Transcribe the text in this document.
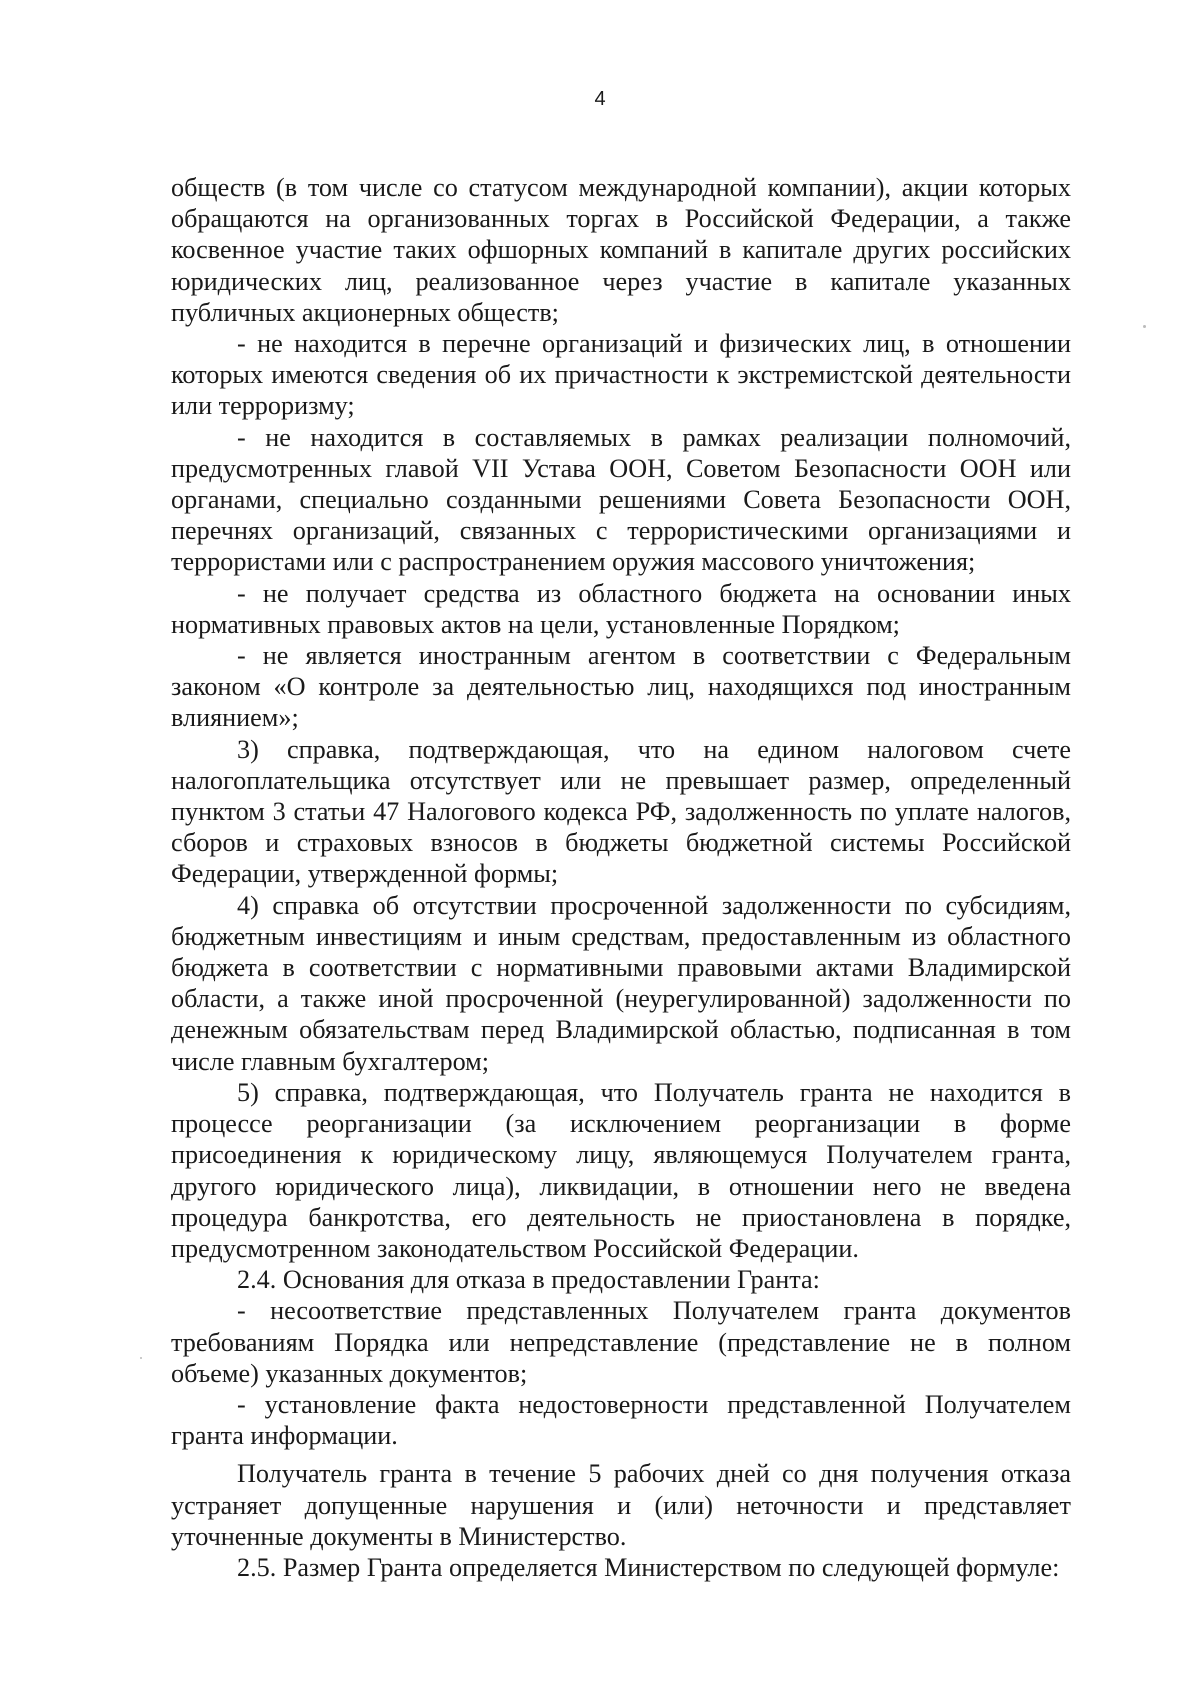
4

обществ (в том числе со статусом международной компании), акции которых обращаются на организованных торгах в Российской Федерации, а также косвенное участие таких офшорных компаний в капитале других российских юридических лиц, реализованное через участие в капитале указанных публичных акционерных обществ;

- не находится в перечне организаций и физических лиц, в отношении которых имеются сведения об их причастности к экстремистской деятельности или терроризму;

- не находится в составляемых в рамках реализации полномочий, предусмотренных главой VII Устава ООН, Советом Безопасности ООН или органами, специально созданными решениями Совета Безопасности ООН, перечнях организаций, связанных с террористическими организациями и террористами или с распространением оружия массового уничтожения;

- не получает средства из областного бюджета на основании иных нормативных правовых актов на цели, установленные Порядком;

- не является иностранным агентом в соответствии с Федеральным законом «О контроле за деятельностью лиц, находящихся под иностранным влиянием»;

3) справка, подтверждающая, что на едином налоговом счете налогоплательщика отсутствует или не превышает размер, определенный пунктом 3 статьи 47 Налогового кодекса РФ, задолженность по уплате налогов, сборов и страховых взносов в бюджеты бюджетной системы Российской Федерации, утвержденной формы;

4) справка об отсутствии просроченной задолженности по субсидиям, бюджетным инвестициям и иным средствам, предоставленным из областного бюджета в соответствии с нормативными правовыми актами Владимирской области, а также иной просроченной (неурегулированной) задолженности по денежным обязательствам перед Владимирской областью, подписанная в том числе главным бухгалтером;

5) справка, подтверждающая, что Получатель гранта не находится в процессе реорганизации (за исключением реорганизации в форме присоединения к юридическому лицу, являющемуся Получателем гранта, другого юридического лица), ликвидации, в отношении него не введена процедура банкротства, его деятельность не приостановлена в порядке, предусмотренном законодательством Российской Федерации.

2.4. Основания для отказа в предоставлении Гранта:

- несоответствие представленных Получателем гранта документов требованиям Порядка или непредставление (представление не в полном объеме) указанных документов;

- установление факта недостоверности представленной Получателем гранта информации.

Получатель гранта в течение 5 рабочих дней со дня получения отказа устраняет допущенные нарушения и (или) неточности и представляет уточненные документы в Министерство.

2.5. Размер Гранта определяется Министерством по следующей формуле:
